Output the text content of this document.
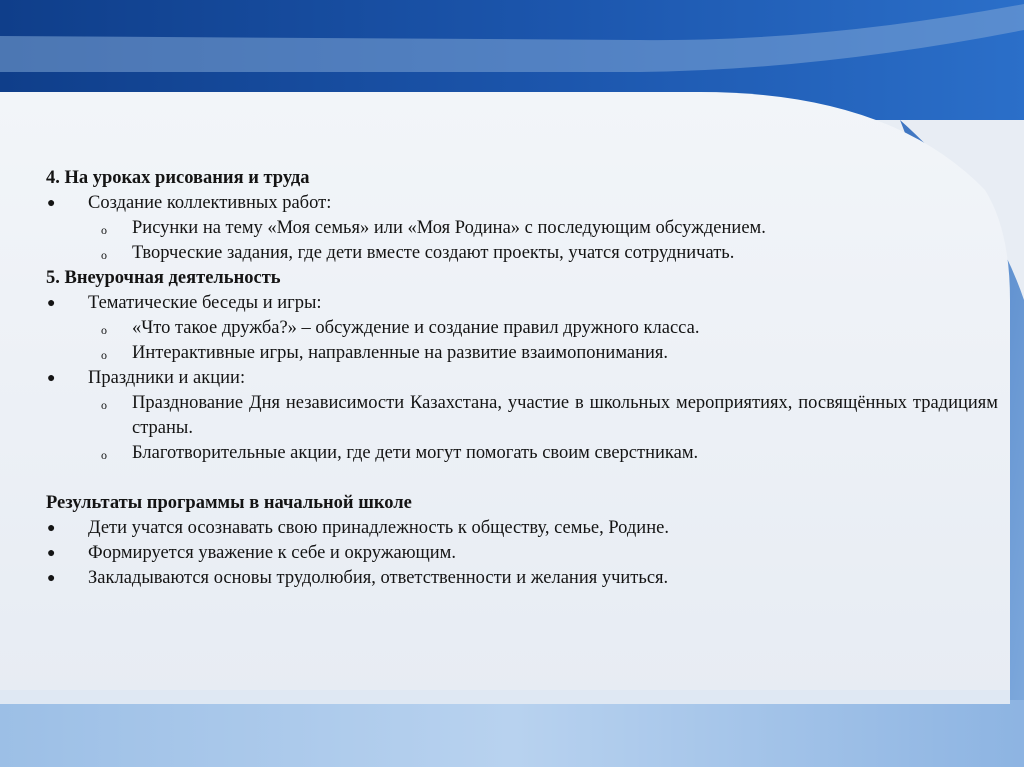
4. На уроках рисования и труда
● Создание коллективных работ:
o Рисунки на тему «Моя семья» или «Моя Родина» с последующим обсуждением.
o Творческие задания, где дети вместе создают проекты, учатся сотрудничать.
5. Внеурочная деятельность
● Тематические беседы и игры:
o «Что такое дружба?» – обсуждение и создание правил дружного класса.
o Интерактивные игры, направленные на развитие взаимопонимания.
● Праздники и акции:
o Празднование Дня независимости Казахстана, участие в школьных мероприятиях, посвящённых традициям страны.
o Благотворительные акции, где дети могут помогать своим сверстникам.
Результаты программы в начальной школе
● Дети учатся осознавать свою принадлежность к обществу, семье, Родине.
● Формируется уважение к себе и окружающим.
● Закладываются основы трудолюбия, ответственности и желания учиться.
